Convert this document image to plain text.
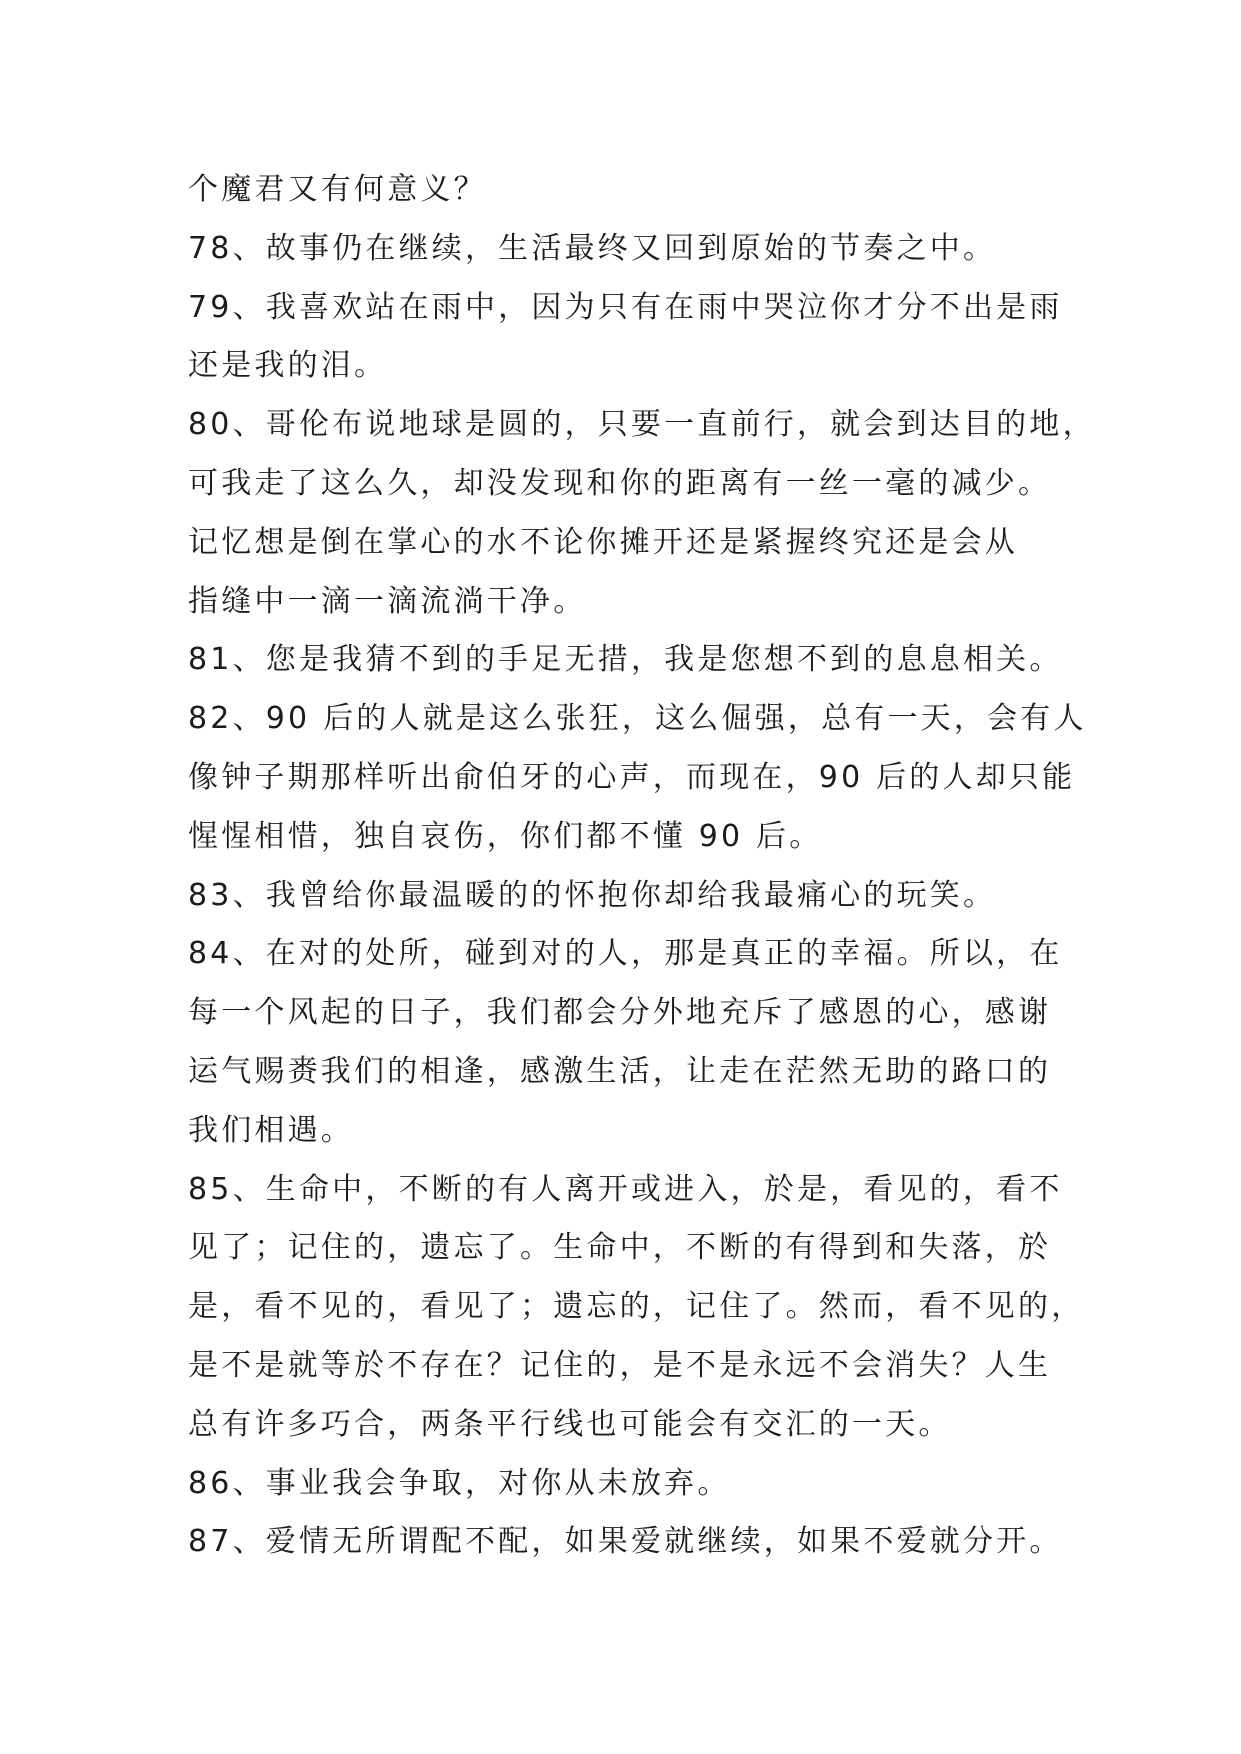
个魔君又有何意义？
78、故事仍在继续，生活最终又回到原始的节奏之中。
79、我喜欢站在雨中，因为只有在雨中哭泣你才分不出是雨
还是我的泪。
80、哥伦布说地球是圆的，只要一直前行，就会到达目的地，
可我走了这么久，却没发现和你的距离有一丝一毫的减少。
记忆想是倒在掌心的水不论你摊开还是紧握终究还是会从
指缝中一滴一滴流淌干净。
81、您是我猜不到的手足无措，我是您想不到的息息相关。
82、90 后的人就是这么张狂，这么倔强，总有一天，会有人
像钟子期那样听出俞伯牙的心声，而现在，90 后的人却只能
惺惺相惜，独自哀伤，你们都不懂 90 后。
83、我曾给你最温暖的的怀抱你却给我最痛心的玩笑。
84、在对的处所，碰到对的人，那是真正的幸福。所以，在
每一个风起的日子，我们都会分外地充斥了感恩的心，感谢
运气赐赉我们的相逢，感激生活，让走在茫然无助的路口的
我们相遇。
85、生命中，不断的有人离开或进入，於是，看见的，看不
见了；记住的，遗忘了。生命中，不断的有得到和失落，於
是，看不见的，看见了；遗忘的，记住了。然而，看不见的，
是不是就等於不存在？记住的，是不是永远不会消失？人生
总有许多巧合，两条平行线也可能会有交汇的一天。
86、事业我会争取，对你从未放弃。
87、爱情无所谓配不配，如果爱就继续，如果不爱就分开。
